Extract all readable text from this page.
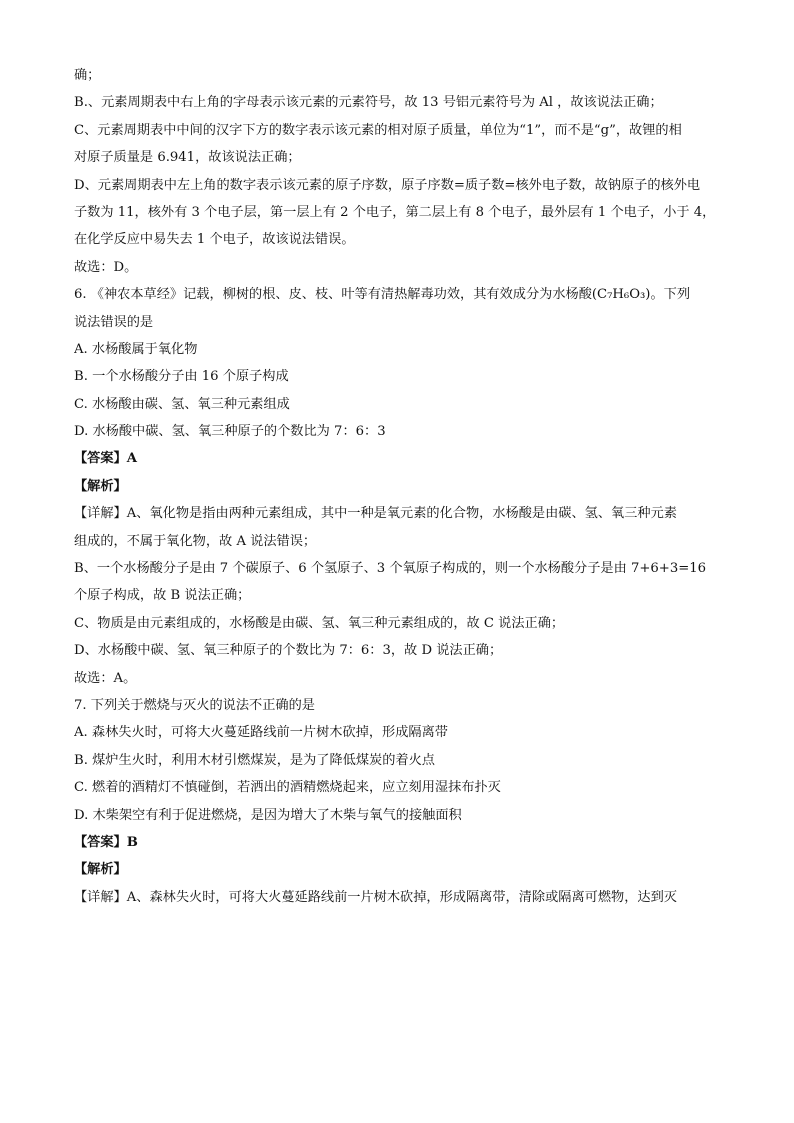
确；
B.、元素周期表中右上角的字母表示该元素的元素符号，故 13 号铝元素符号为 Al ，故该说法正确；
C、元素周期表中中间的汉字下方的数字表示该元素的相对原子质量，单位为“1”，而不是“g”，故锂的相
对原子质量是 6.941，故该说法正确；
D、元素周期表中左上角的数字表示该元素的原子序数，原子序数=质子数=核外电子数，故钠原子的核外电
子数为 11，核外有 3 个电子层，第一层上有 2 个电子，第二层上有 8 个电子，最外层有 1 个电子，小于 4，
在化学反应中易失去 1 个电子，故该说法错误。
故选：D。
6. 《神农本草经》记载，柳树的根、皮、枝、叶等有清热解毒功效，其有效成分为水杨酸(C₇H₆O₃)。下列
说法错误的是
A. 水杨酸属于氧化物
B. 一个水杨酸分子由 16 个原子构成
C. 水杨酸由碳、氢、氧三种元素组成
D. 水杨酸中碳、氢、氧三种原子的个数比为 7：6：3
【答案】A
【解析】
【详解】A、氧化物是指由两种元素组成，其中一种是氧元素的化合物，水杨酸是由碳、氢、氧三种元素
组成的，不属于氧化物，故 A 说法错误；
B、一个水杨酸分子是由 7 个碳原子、6 个氢原子、3 个氧原子构成的，则一个水杨酸分子是由 7+6+3=16
个原子构成，故 B 说法正确；
C、物质是由元素组成的，水杨酸是由碳、氢、氧三种元素组成的，故 C 说法正确；
D、水杨酸中碳、氢、氧三种原子的个数比为 7：6：3，故 D 说法正确；
故选：A。
7. 下列关于燃烧与灭火的说法不正确的是
A. 森林失火时，可将大火蔓延路线前一片树木砍掉，形成隔离带
B. 煤炉生火时，利用木材引燃煤炭，是为了降低煤炭的着火点
C. 燃着的酒精灯不慎碰倒，若洒出的酒精燃烧起来，应立刻用湿抹布扑灭
D. 木柴架空有利于促进燃烧，是因为增大了木柴与氧气的接触面积
【答案】B
【解析】
【详解】A、森林失火时，可将大火蔓延路线前一片树木砍掉，形成隔离带，清除或隔离可燃物，达到灭
